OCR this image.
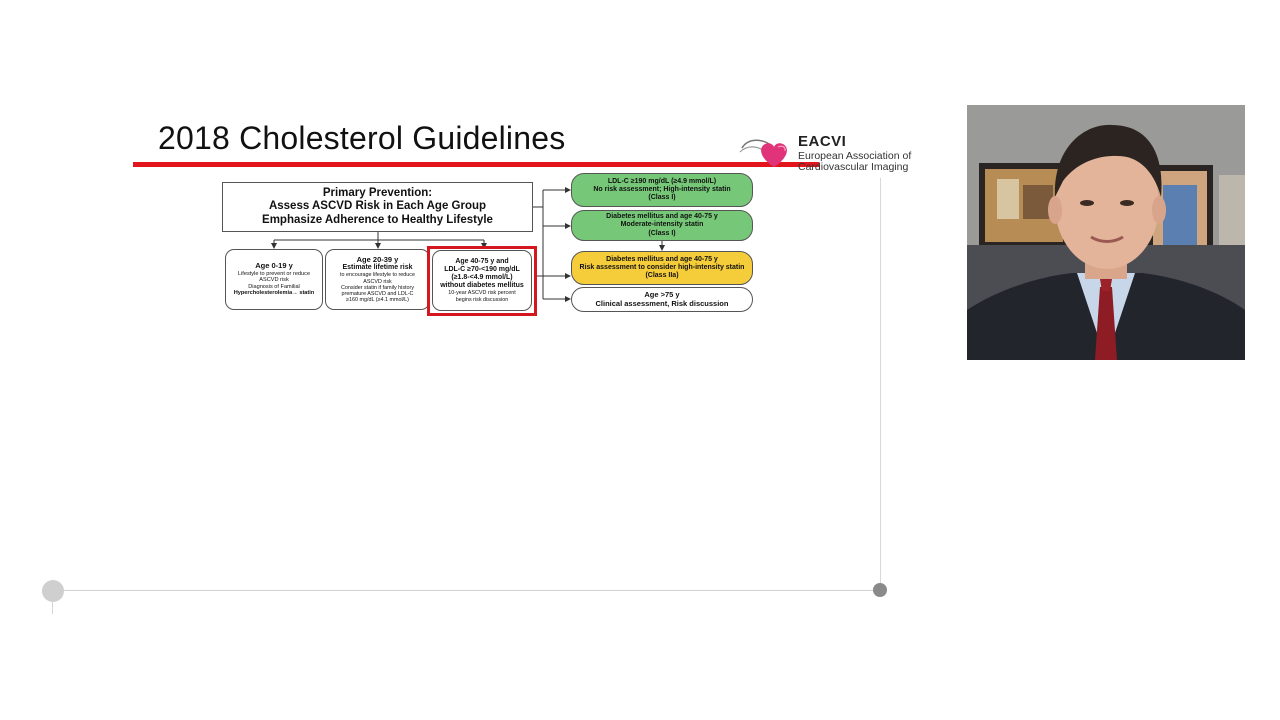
2018 Cholesterol Guidelines	EACVI
European Association of
Cardiovascular Imaging
Primary Prevention:
Assess ASCVD Risk in Each Age Group
Emphasize Adherence to Healthy Lifestyle
Age 0-19 y
Lifestyle to prevent or reduce
ASCVD risk
Diagnosis of Familial
Hypercholesterolemia→ statin
Age 20-39 y
Estimate lifetime risk
to encourage lifestyle to reduce
ASCVD risk
Consider statin if family history
premature ASCVD and LDL-C
≥160 mg/dL (≥4.1 mmol/L)
Age 40-75 y and
LDL-C ≥70-<190 mg/dL
(≥1.8-<4.9 mmol/L)
without diabetes mellitus
10-year ASCVD risk percent
begins risk discussion
LDL-C ≥190 mg/dL (≥4.9 mmol/L)
No risk assessment; High-intensity statin
(Class I)
Diabetes mellitus and age 40-75 y
Moderate-intensity statin
(Class I)
Diabetes mellitus and age 40-75 y
Risk assessment to consider high-intensity statin
(Class IIa)
Age >75 y
Clinical assessment, Risk discussion
